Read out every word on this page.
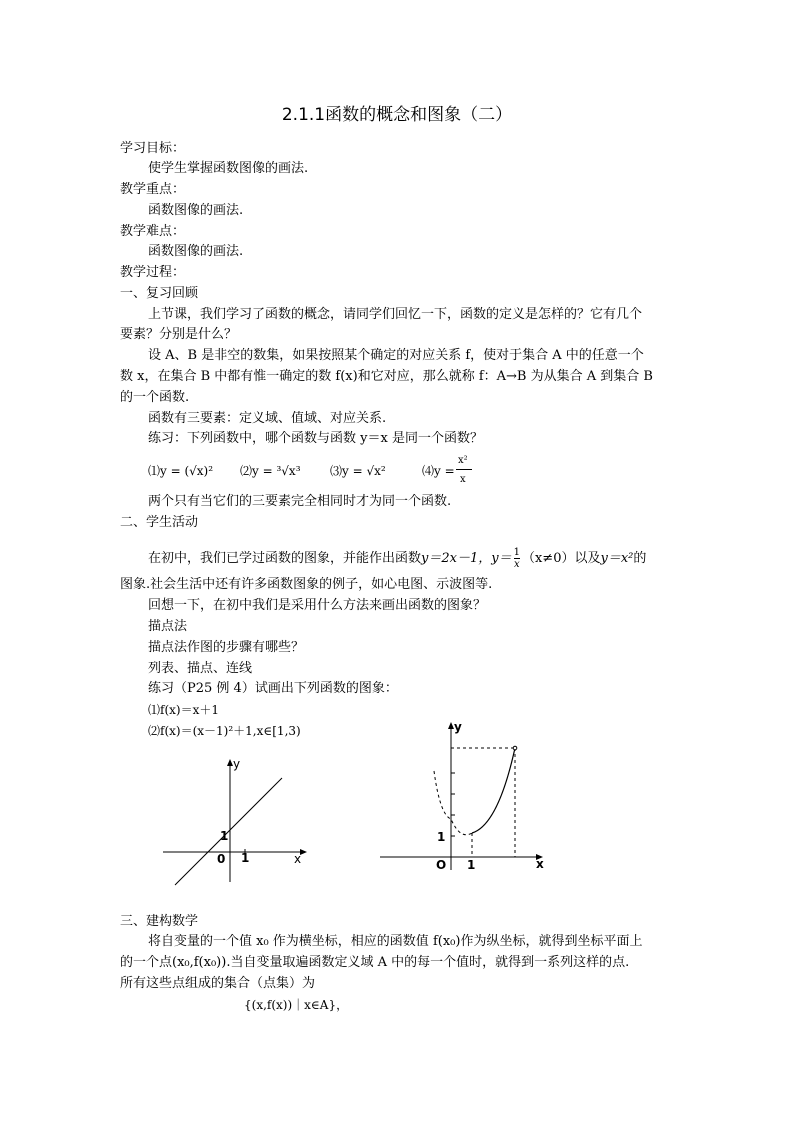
2.1.1函数的概念和图象（二）
学习目标：
使学生掌握函数图像的画法.
教学重点：
函数图像的画法.
教学难点：
函数图像的画法.
教学过程：
一、复习回顾
上节课，我们学习了函数的概念，请同学们回忆一下，函数的定义是怎样的？它有几个
要素？分别是什么？
设 A、B 是非空的数集，如果按照某个确定的对应关系 f，使对于集合 A 中的任意一个
数 x，在集合 B 中都有惟一确定的数 f(x)和它对应，那么就称 f：A→B 为从集合 A 到集合 B
的一个函数.
函数有三要素：定义域、值域、对应关系.
练习：下列函数中，哪个函数与函数 y＝x 是同一个函数？
⑴y = (√x)² ⑵y = ³√x³ ⑶y = √x²	⑷y =
x²
x
两个只有当它们的三要素完全相同时才为同一个函数.
二、学生活动
在初中，我们已学过函数的图象，并能作出函数y＝2x－1，$y= \frac{1}{x} (x\ne 0)$以及y＝x²的
图象.社会生活中还有许多函数图象的例子，如心电图、示波图等.
回想一下，在初中我们是采用什么方法来画出函数的图象？
描点法
描点法作图的步骤有哪些？
列表、描点、连线
练习（P25 例 4）试画出下列函数的图象：
⑴f(x)＝x＋1
⑵f(x)＝(x－1)²＋1,x∈[1,3)
y
x
0 1
1
y
x
O 1
1
三、建构数学
将自变量的一个值 x₀ 作为横坐标，相应的函数值 f(x₀)作为纵坐标，就得到坐标平面上
的一个点(x₀,f(x₀)).当自变量取遍函数定义域 A 中的每一个值时，就得到一系列这样的点.
所有这些点组成的集合（点集）为
{(x,f(x))｜x∈A}，
